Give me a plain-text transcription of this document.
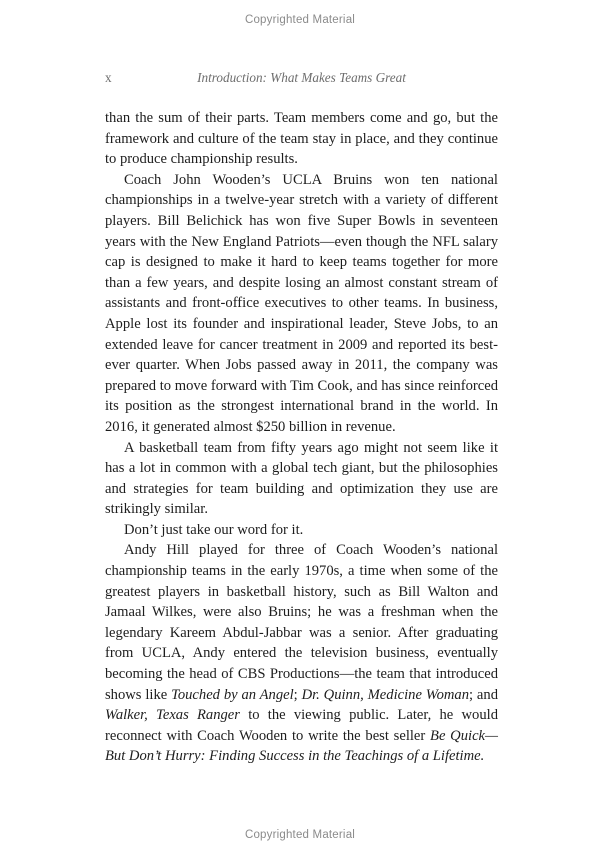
Copyrighted Material
x	Introduction: What Makes Teams Great

than the sum of their parts. Team members come and go, but the framework and culture of the team stay in place, and they continue to produce championship results.

Coach John Wooden’s UCLA Bruins won ten national championships in a twelve-year stretch with a variety of different players. Bill Belichick has won five Super Bowls in seventeen years with the New England Patriots—even though the NFL salary cap is designed to make it hard to keep teams together for more than a few years, and despite losing an almost constant stream of assistants and front-office executives to other teams. In business, Apple lost its founder and inspirational leader, Steve Jobs, to an extended leave for cancer treatment in 2009 and reported its best-ever quarter. When Jobs passed away in 2011, the company was prepared to move forward with Tim Cook, and has since reinforced its position as the strongest international brand in the world. In 2016, it generated almost $250 billion in revenue.

A basketball team from fifty years ago might not seem like it has a lot in common with a global tech giant, but the philosophies and strategies for team building and optimization they use are strikingly similar.

Don’t just take our word for it.

Andy Hill played for three of Coach Wooden’s national championship teams in the early 1970s, a time when some of the greatest players in basketball history, such as Bill Walton and Jamaal Wilkes, were also Bruins; he was a freshman when the legendary Kareem Abdul-Jabbar was a senior. After graduating from UCLA, Andy entered the television business, eventually becoming the head of CBS Productions—the team that introduced shows like Touched by an Angel; Dr. Quinn, Medicine Woman; and Walker, Texas Ranger to the viewing public. Later, he would reconnect with Coach Wooden to write the best seller Be Quick—But Don’t Hurry: Finding Success in the Teachings of a Lifetime.

Copyrighted Material
